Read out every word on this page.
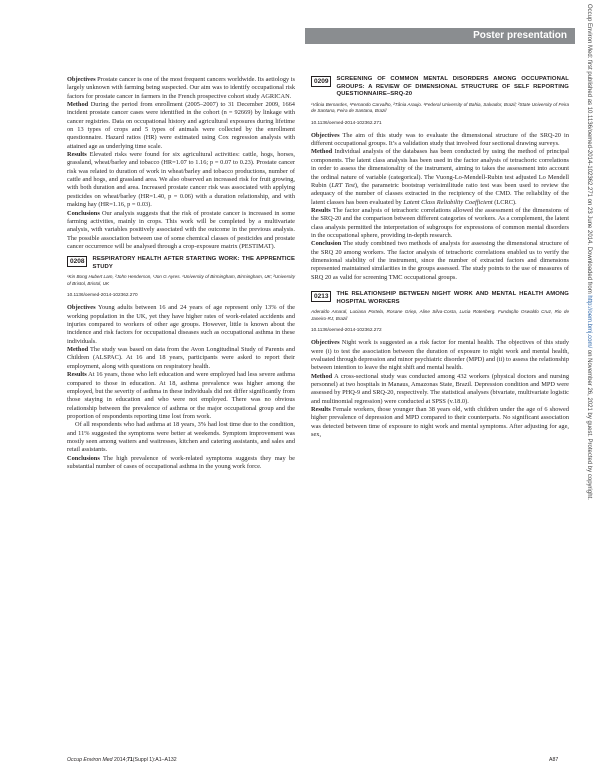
Poster presentation	Occup Environ Med: first published as 10.1136/oemed-2014-102362.271 on 23 June 2014. Downloaded from http://oem.bmj.com/ on November 26, 2021 by guest. Protected by copyright.

Objectives Prostate cancer is one of the most frequent cancers worldwide. Its aetiology is largely unknown with farming being suspected. Our aim was to identify occupational risk factors for prostate cancer in farmers in the French prospective cohort study AGRICAN.

Method During the period from enrollment (2005–2007) to 31 December 2009, 1664 incident prostate cancer cases were identified in the cohort (n = 92669) by linkage with cancer registries. Data on occupational history and agricultural exposures during lifetime on 13 types of crops and 5 types of animals were collected by the enrollment questionnaire. Hazard ratios (HR) were estimated using Cox regression analysis with attained age as underlying time scale.

Results Elevated risks were found for six agricultural activities: cattle, hogs, horses, grassland, wheat/barley and tobacco (HR=1.07 to 1.16; p = 0.07 to 0.23). Prostate cancer risk was related to duration of work in wheat/barley and tobacco productions, number of cattle and hogs, and grassland area. We also observed an increased risk for fruit growing, with both duration and area. Increased prostate cancer risk was associated with applying pesticides on wheat/barley (HR=1.40, p = 0.06) with a duration relationship, and with making hay (HR=1.16, p = 0.03).

Conclusions Our analysis suggests that the risk of prostate cancer is increased in some farming activities, mainly in crops. This work will be completed by a multivariate analysis, with variables positively associated with the outcome in the previous analysis. The possible association between use of some chemical classes of pesticides and prostate cancer occurrence will be analysed through a crop-exposure matrix (PESTIMAT).

0208	RESPIRATORY HEALTH AFTER STARTING WORK: THE APPRENTICE STUDY
¹Kin Bong Hubert Lam, ²John Henderson, ¹Jon G Ayres. ¹University of Birmingham, Birmingham, UK; ²University of Bristol, Bristol, UK
10.1136/oemed-2014-102362.270

Objectives Young adults between 16 and 24 years of age represent only 13% of the working population in the UK, yet they have higher rates of work-related accidents and injuries compared to workers of other age groups. However, little is known about the incidence and risk factors for occupational diseases such as occupational asthma in these individuals.

Method The study was based on data from the Avon Longitudinal Study of Parents and Children (ALSPAC). At 16 and 18 years, participants were asked to report their employment, along with questions on respiratory health.

Results At 16 years, those who left education and were employed had less severe asthma compared to those in education. At 18, asthma prevalence was higher among the employed, but the severity of asthma in these individuals did not differ significantly from those staying in education and who were not employed. There was no obvious relationship between the prevalence of asthma or the major occupational group and the proportion of respondents reporting time lost from work.

Of all respondents who had asthma at 18 years, 3% had lost time due to the condition, and 11% suggested the symptoms were better at weekends. Symptom improvement was mostly seen among waiters and waitresses, kitchen and catering assistants, and sales and retail assistants.

Conclusions The high prevalence of work-related symptoms suggests they may be substantial number of cases of occupational asthma in the young work force.

0209	SCREENING OF COMMON MENTAL DISORDERS AMONG OCCUPATIONAL GROUPS: A REVIEW OF DIMENSIONAL STRUCTURE OF SELF REPORTING QUESTIONNAIRE–SRQ-20
¹Vânia Bernardes, ¹Fernando Carvalho, ²Tânia Araujo. ¹Federal University of Bahia, Salvador, Brazil; ²State University of Feira de Santana, Feira de Santana, Brazil
10.1136/oemed-2014-102362.271

Objectives The aim of this study was to evaluate the dimensional structure of the SRQ-20 in different occupational groups. It’s a validation study that involved four sectional drawing surveys.

Method Individual analysis of the databases has been conducted by using the method of principal components. The latent class analysis has been used in the factor analysis of tetrachoric correlations in order to assess the dimensionality of the instrument, aiming to takes the assessment into account the ordinal nature of variable (categorical). The Vuong-Lo-Mendell-Rubin test adjusted Lo Mendell Rubin (LRT Test), the parametric bootstrap verisimilitude ratio test was been used to review the adequacy of the number of classes extracted in the recipiency of the CMD. The reliability of the latent classes has been evaluated by Latent Class Reliability Coefficient (LCRC).

Results The factor analysis of tetrachoric correlations allowed the assessment of the dimensions of the SRQ-20 and the comparison between different categories of workers. As a complement, the latent class analysis permitted the interpretation of subgroups for expressions of common mental disorders in the occupational sphere, providing in-depth research.

Conclusion The study combined two methods of analysis for assessing the dimensional structure of the SRQ 20 among workers. The factor analysis of tetrachoric correlations enabled us to verify the dimensional stability of the instrument, since the number of extracted factors and dimensions represented maintained similarities in the groups assessed. The study points to the use of measures of SRQ 20 as valid for screening TMC occupational groups.

0213	THE RELATIONSHIP BETWEEN NIGHT WORK AND MENTAL HEALTH AMONG HOSPITAL WORKERS
Aderaldo Amaral, Luciana Portela, Rosane Griep, Aline Silva-Costa, Lucia Rotenberg. Fundação Oswaldo Cruz, Rio de Janeiro-RJ, Brazil
10.1136/oemed-2014-102362.272

Objectives Night work is suggested as a risk factor for mental health. The objectives of this study were (i) to test the association between the duration of exposure to night work and mental health, evaluated through depression and minor psychiatric disorder (MPD) and (ii) to assess the relationship between intention to leave the night shift and mental health.

Method A cross-sectional study was conducted among 432 workers (physical doctors and nursing personnel) at two hospitals in Manaus, Amazonas State, Brazil. Depression condition and MPD were assessed by PHQ-9 and SRQ-20, respectively. The statistical analyses (bivariate, multivariate logistic and multinomial regression) were conducted at SPSS (v.18.0).

Results Female workers, those younger than 38 years old, with children under the age of 6 showed higher prevalence of depression and MPD compared to their counterparts. No significant association was detected between time of exposure to night work and mental symptoms. After adjusting for age, sex,

Occup Environ Med 2014;71(Suppl 1):A1–A132	A87
